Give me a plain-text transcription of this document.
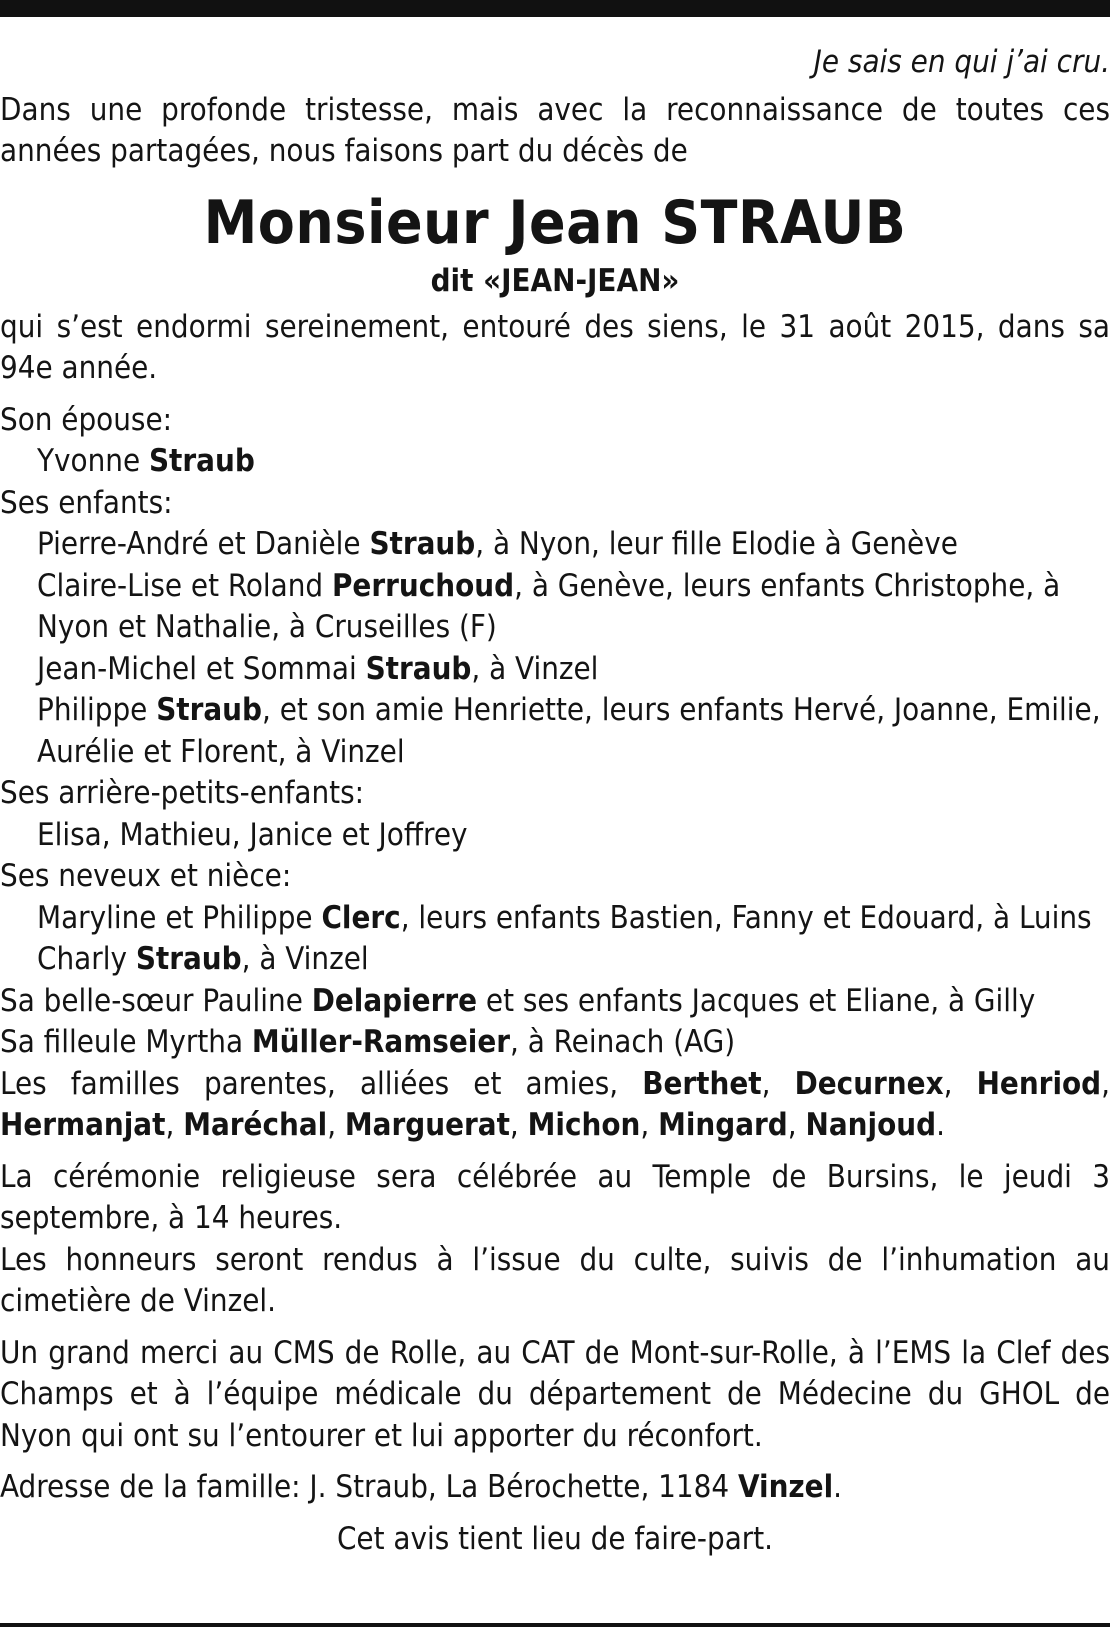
Je sais en qui j’ai cru.

Dans une profonde tristesse, mais avec la reconnaissance de toutes ces années partagées, nous faisons part du décès de

Monsieur Jean STRAUB

dit «JEAN-JEAN»

qui s’est endormi sereinement, entouré des siens, le 31 août 2015, dans sa 94e année.

Son épouse:

Yvonne Straub

Ses enfants:

Pierre-André et Danièle Straub, à Nyon, leur fille Elodie à Genève

Claire-Lise et Roland Perruchoud, à Genève, leurs enfants Christophe, à Nyon et Nathalie, à Cruseilles (F)

Jean-Michel et Sommai Straub, à Vinzel

Philippe Straub, et son amie Henriette, leurs enfants Hervé, Joanne, Emilie, Aurélie et Florent, à Vinzel

Ses arrière-petits-enfants:

Elisa, Mathieu, Janice et Joffrey

Ses neveux et nièce:

Maryline et Philippe Clerc, leurs enfants Bastien, Fanny et Edouard, à Luins

Charly Straub, à Vinzel

Sa belle-sœur Pauline Delapierre et ses enfants Jacques et Eliane, à Gilly

Sa filleule Myrtha Müller-Ramseier, à Reinach (AG)

Les familles parentes, alliées et amies, Berthet, Decurnex, Henriod, Hermanjat, Maréchal, Marguerat, Michon, Mingard, Nanjoud.

La cérémonie religieuse sera célébrée au Temple de Bursins, le jeudi 3 septembre, à 14 heures.

Les honneurs seront rendus à l’issue du culte, suivis de l’inhumation au cimetière de Vinzel.

Un grand merci au CMS de Rolle, au CAT de Mont-sur-Rolle, à l’EMS la Clef des Champs et à l’équipe médicale du département de Médecine du GHOL de Nyon qui ont su l’entourer et lui apporter du réconfort.

Adresse de la famille: J. Straub, La Bérochette, 1184 Vinzel.

Cet avis tient lieu de faire-part.
